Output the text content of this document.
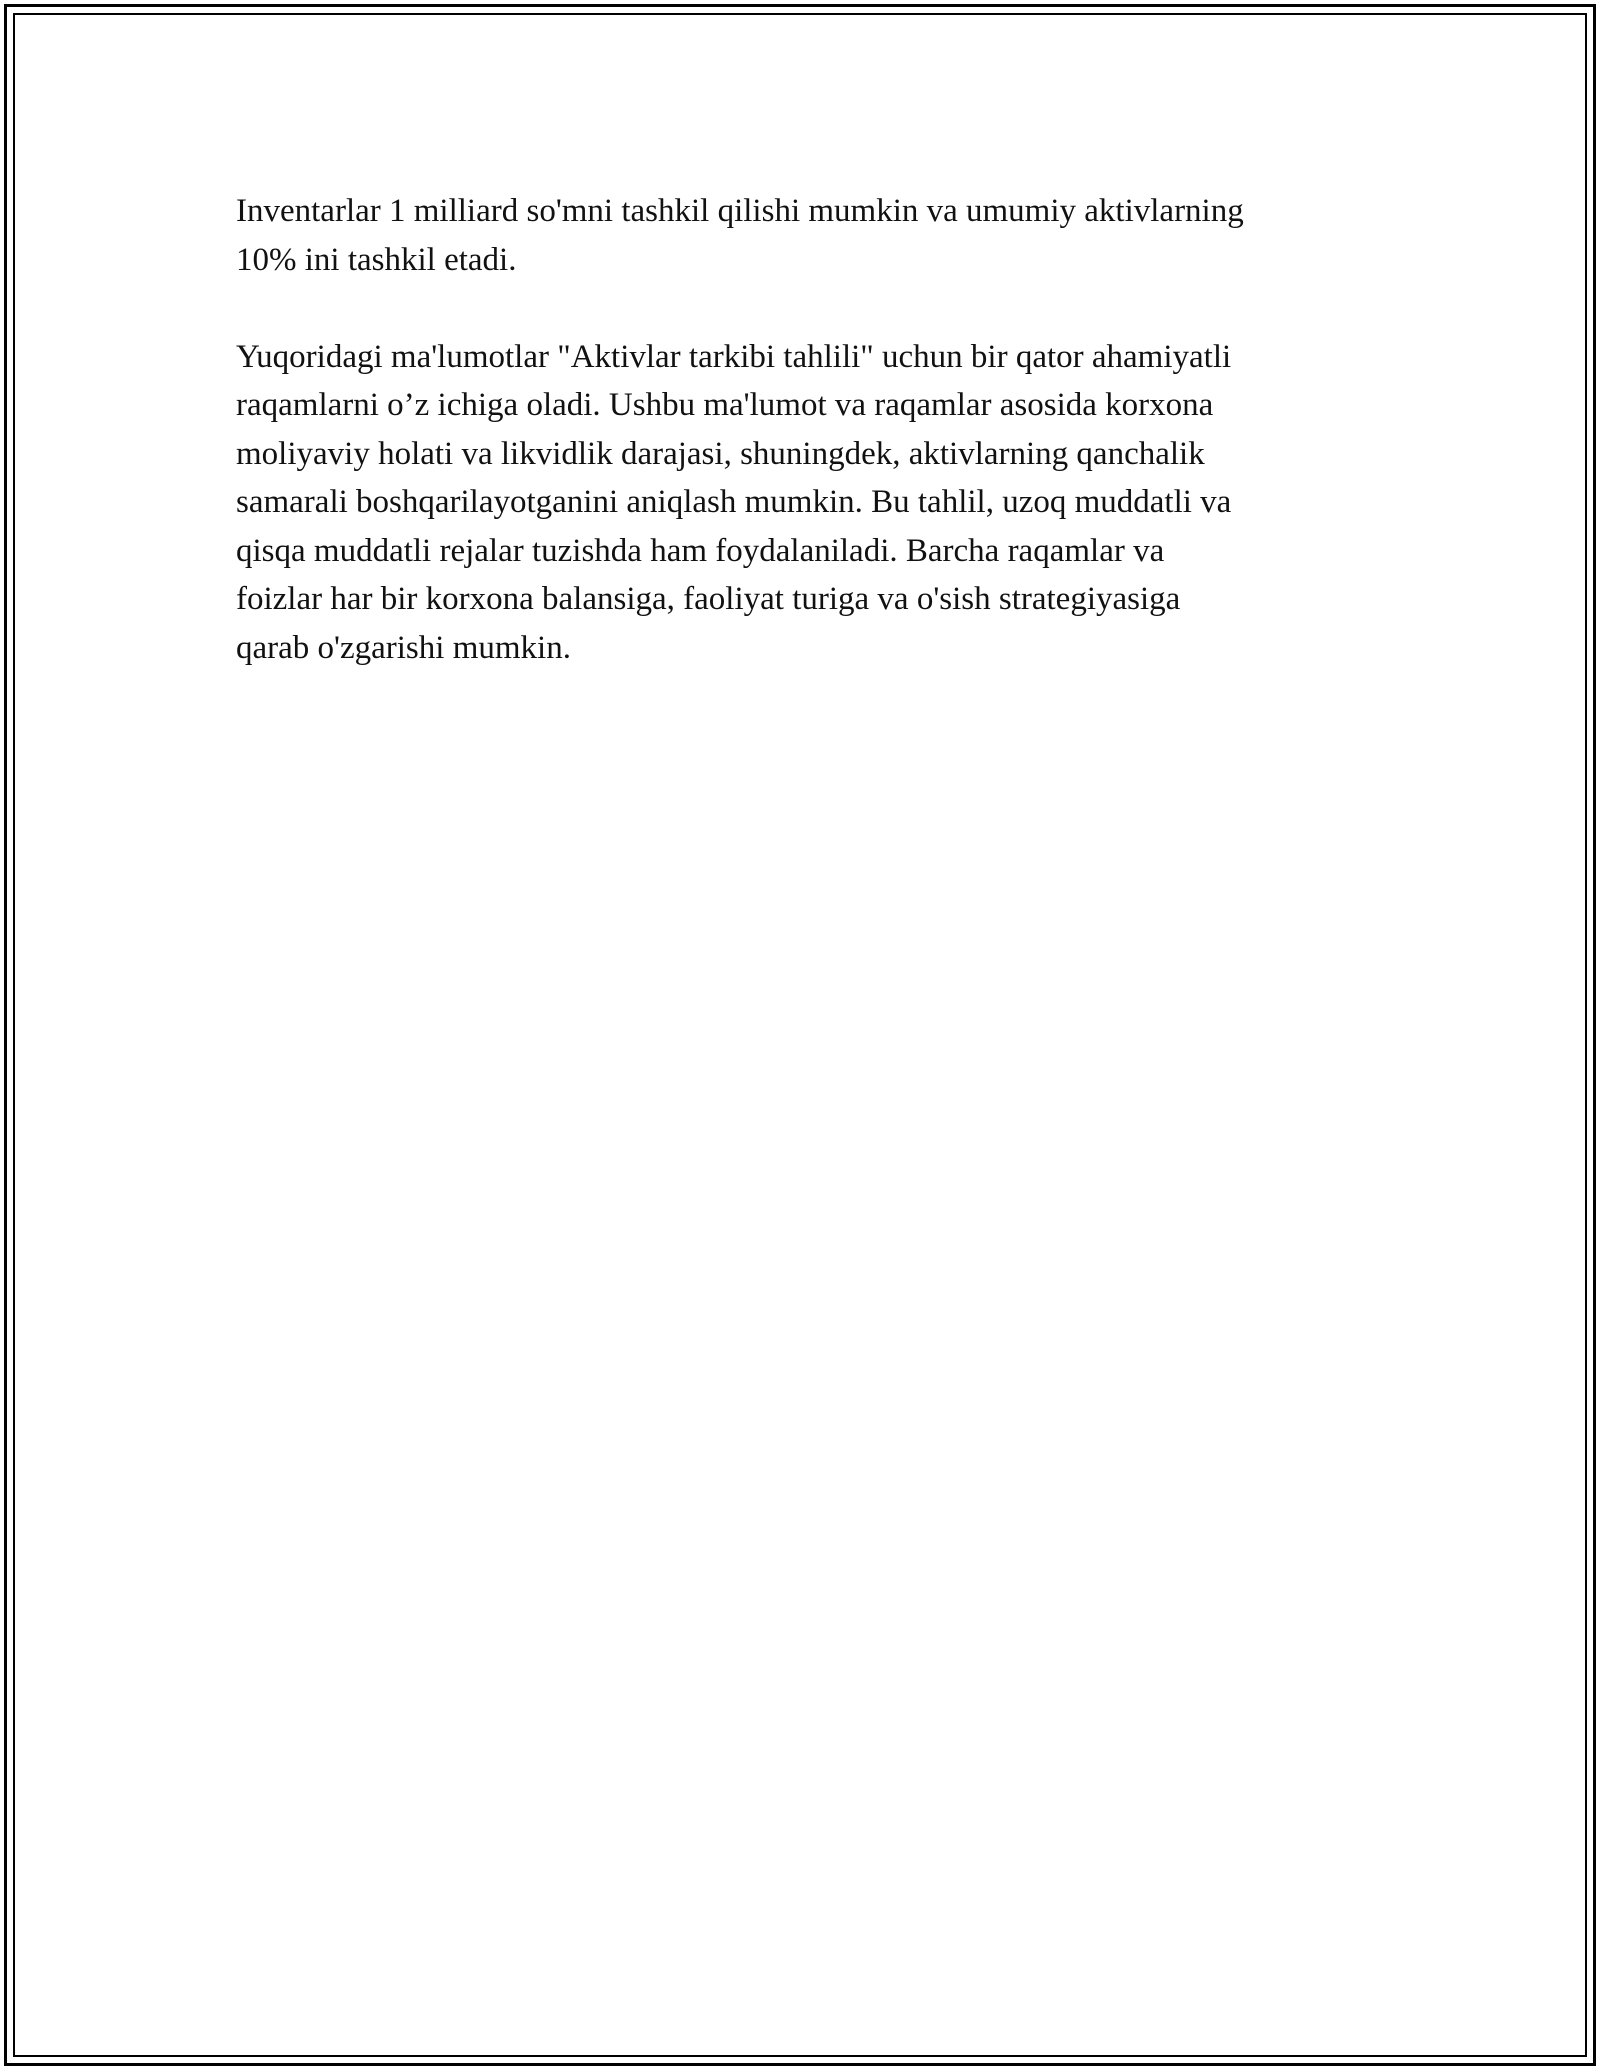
Inventarlar 1 milliard so'mni tashkil qilishi mumkin va umumiy aktivlarning
10% ini tashkil etadi.

Yuqoridagi ma'lumotlar "Aktivlar tarkibi tahlili" uchun bir qator ahamiyatli
raqamlarni o’z ichiga oladi. Ushbu ma'lumot va raqamlar asosida korxona
moliyaviy holati va likvidlik darajasi, shuningdek, aktivlarning qanchalik
samarali boshqarilayotganini aniqlash mumkin. Bu tahlil, uzoq muddatli va
qisqa muddatli rejalar tuzishda ham foydalaniladi. Barcha raqamlar va
foizlar har bir korxona balansiga, faoliyat turiga va o'sish strategiyasiga
qarab o'zgarishi mumkin.
